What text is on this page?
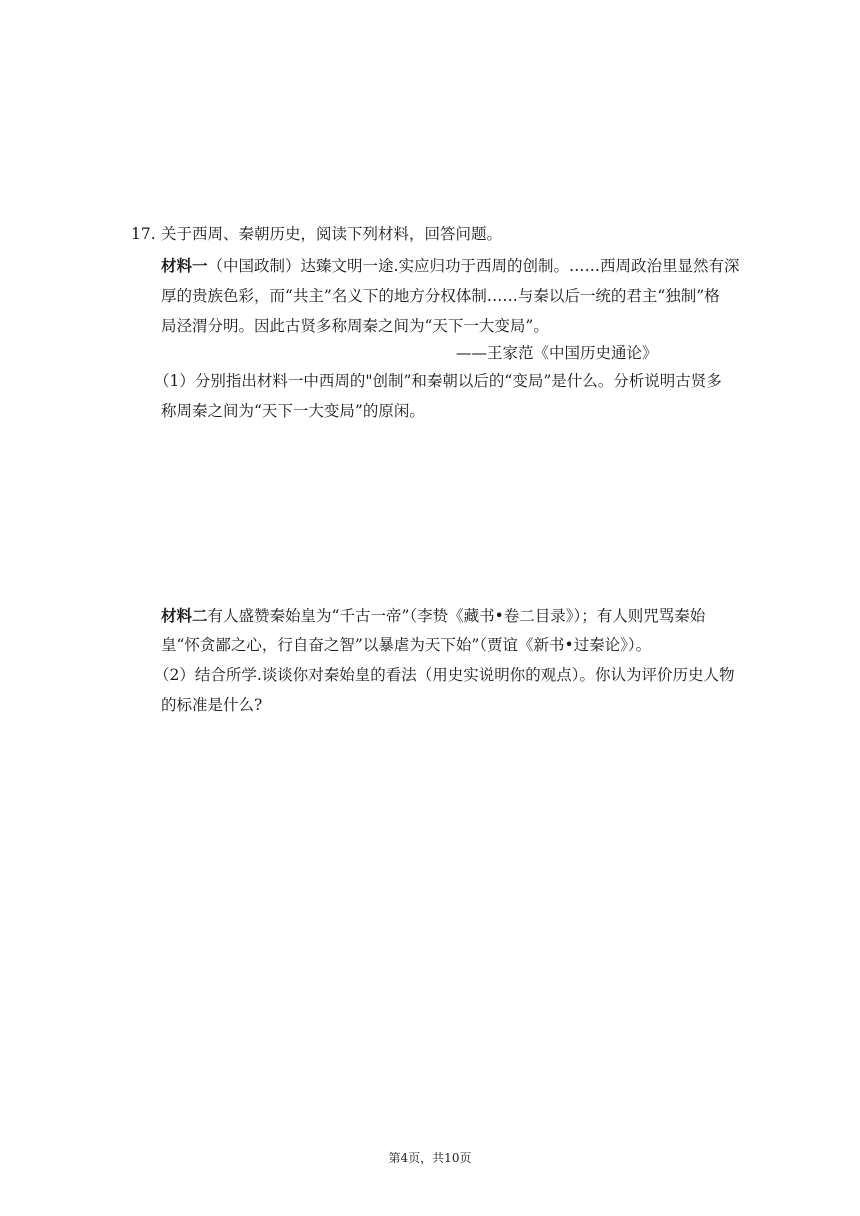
17. 关于西周、秦朝历史，阅读下列材料，回答问题。
材料一（中国政制）达臻文明一途.实应归功于西周的创制。……西周政治里显然有深
厚的贵族色彩，而“共主”名义下的地方分权体制……与秦以后一统的君主“独制”格
局泾渭分明。因此古贤多称周秦之间为“天下一大变局”。
——王家范《中国历史通论》
（1）分别指出材料一中西周的"创制”和秦朝以后的“变局”是什么。分析说明古贤多
称周秦之间为“天下一大变局”的原闲。
材料二有人盛赞秦始皇为“千古一帝”（李贽《藏书•卷二目录》）；有人则咒骂秦始
皇“怀贪鄙之心，行自奋之智”以暴虐为天下始”（贾谊《新书•过秦论》）。
（2）结合所学.谈谈你对秦始皇的看法（用史实说明你的观点）。你认为评价历史人物
的标准是什么?
第4页，共10页
